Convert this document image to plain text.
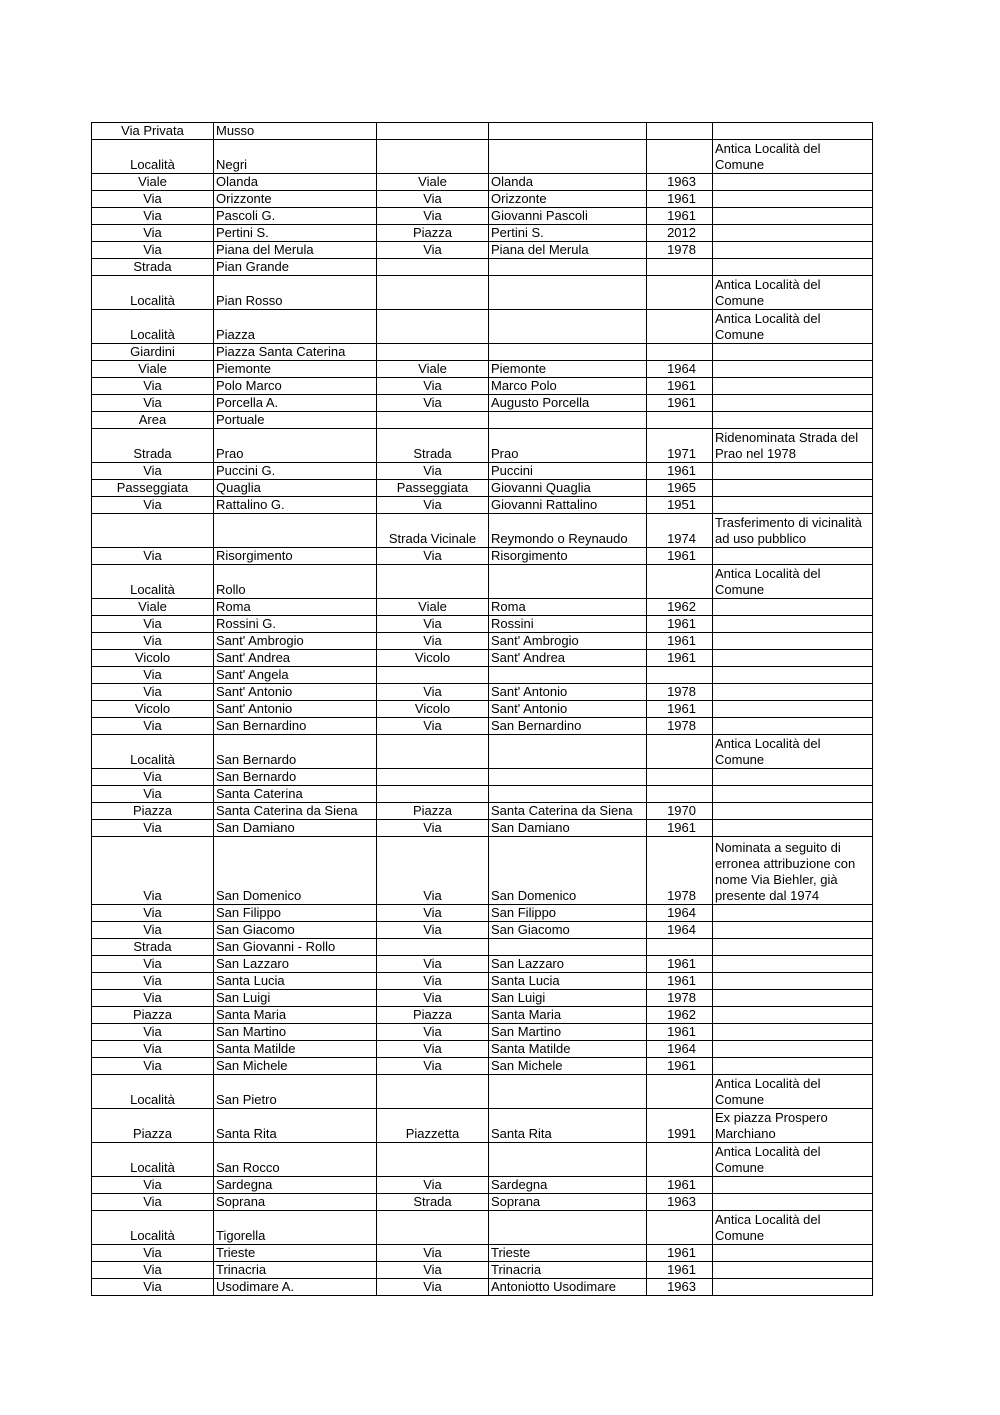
Via Privata	Musso				
Località	Negri				Antica Località del Comune
Viale	Olanda	Viale	Olanda	1963	
Via	Orizzonte	Via	Orizzonte	1961	
Via	Pascoli G.	Via	Giovanni Pascoli	1961	
Via	Pertini S.	Piazza	Pertini S.	2012	
Via	Piana del Merula	Via	Piana del Merula	1978	
Strada	Pian Grande				
Località	Pian Rosso				Antica Località del Comune
Località	Piazza				Antica Località del Comune
Giardini	Piazza Santa Caterina				
Viale	Piemonte	Viale	Piemonte	1964	
Via	Polo Marco	Via	Marco Polo	1961	
Via	Porcella A.	Via	Augusto Porcella	1961	
Area	Portuale				
Strada	Prao	Strada	Prao	1971	Ridenominata Strada del Prao nel 1978
Via	Puccini G.	Via	Puccini	1961	
Passeggiata	Quaglia	Passeggiata	Giovanni Quaglia	1965	
Via	Rattalino G.	Via	Giovanni Rattalino	1951	
		Strada Vicinale	Reymondo o Reynaudo	1974	Trasferimento di vicinalità ad uso pubblico
Via	Risorgimento	Via	Risorgimento	1961	
Località	Rollo				Antica Località del Comune
Viale	Roma	Viale	Roma	1962	
Via	Rossini G.	Via	Rossini	1961	
Via	Sant' Ambrogio	Via	Sant' Ambrogio	1961	
Vicolo	Sant' Andrea	Vicolo	Sant' Andrea	1961	
Via	Sant' Angela				
Via	Sant' Antonio	Via	Sant' Antonio	1978	
Vicolo	Sant' Antonio	Vicolo	Sant' Antonio	1961	
Via	San Bernardino	Via	San Bernardino	1978	
Località	San Bernardo				Antica Località del Comune
Via	San Bernardo				
Via	Santa Caterina				
Piazza	Santa Caterina da Siena	Piazza	Santa Caterina da Siena	1970	
Via	San Damiano	Via	San Damiano	1961	
Via	San Domenico	Via	San Domenico	1978	Nominata a seguito di erronea attribuzione con nome Via Biehler, già presente dal 1974
Via	San Filippo	Via	San Filippo	1964	
Via	San Giacomo	Via	San Giacomo	1964	
Strada	San Giovanni - Rollo				
Via	San Lazzaro	Via	San Lazzaro	1961	
Via	Santa Lucia	Via	Santa Lucia	1961	
Via	San Luigi	Via	San Luigi	1978	
Piazza	Santa Maria	Piazza	Santa Maria	1962	
Via	San Martino	Via	San Martino	1961	
Via	Santa Matilde	Via	Santa Matilde	1964	
Via	San Michele	Via	San Michele	1961	
Località	San Pietro				Antica Località del Comune
Piazza	Santa Rita	Piazzetta	Santa Rita	1991	Ex piazza Prospero Marchiano
Località	San Rocco				Antica Località del Comune
Via	Sardegna	Via	Sardegna	1961	
Via	Soprana	Strada	Soprana	1963	
Località	Tigorella				Antica Località del Comune
Via	Trieste	Via	Trieste	1961	
Via	Trinacria	Via	Trinacria	1961	
Via	Usodimare A.	Via	Antoniotto Usodimare	1963	
